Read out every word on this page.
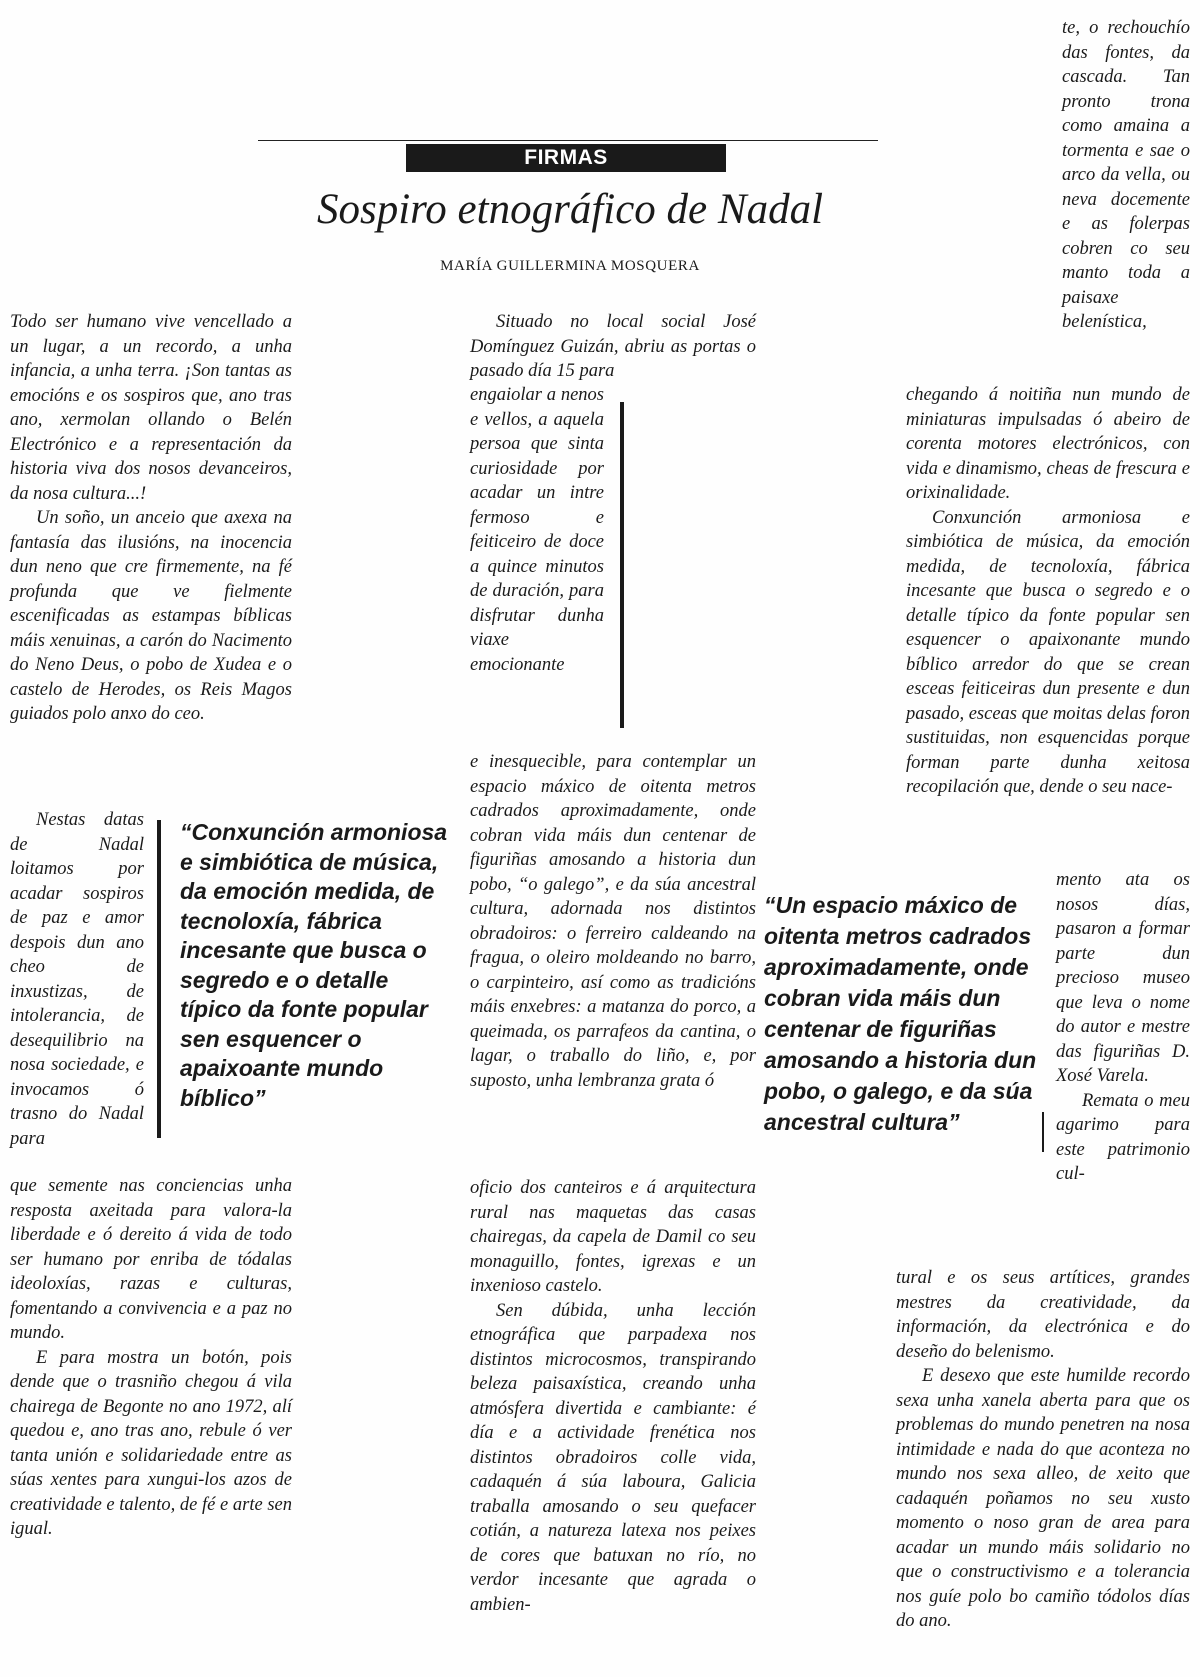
FIRMAS
Sospiro etnográfico de Nadal
MARÍA GUILLERMINA MOSQUERA

Todo ser humano vive vencellado a un lugar, a un recordo, a unha infancia, a unha terra. ¡Son tantas as emocións e os sospiros que, ano tras ano, xermolan ollando o Belén Electrónico e a representación da historia viva dos nosos devanceiros, da nosa cultura...!

Un soño, un anceio que axexa na fantasía das ilusións, na inocencia dun neno que cre firmemente, na fé profunda que ve fielmente escenificadas as estampas bíblicas máis xenuinas, a carón do Nacimento do Neno Deus, o pobo de Xudea e o castelo de Herodes, os Reis Magos guiados polo anxo do ceo.

Nestas datas de Nadal loitamos por acadar sospiros de paz e amor despois dun ano cheo de inxustizas, de intolerancia, de desequilibrio na nosa sociedade, e invocamos ó trasno do Nadal para

que semente nas conciencias unha resposta axeitada para valora-la liberdade e ó dereito á vida de todo ser humano por enriba de tódalas ideoloxías, razas e culturas, fomentando a convivencia e a paz no mundo.

E para mostra un botón, pois dende que o trasniño chegou á vila chairega de Begonte no ano 1972, alí quedou e, ano tras ano, rebule ó ver tanta unión e solidariedade entre as súas xentes para xungui-los azos de creatividade e talento, de fé e arte sen igual.

“Conxunción armoniosa e simbiótica de música, da emoción medida, de tecnoloxía, fábrica incesante que busca o segredo e o detalle típico da fonte popular sen esquencer o apaixoante mundo bíblico”

Situado no local social José Domínguez Guizán, abriu as portas o pasado día 15 para

engaiolar a nenos e vellos, a aquela persoa que sinta curiosidade por acadar un intre fermoso e feiticeiro de doce a quince minutos de duración, para disfrutar dunha viaxe emocionante

e inesquecible, para contemplar un espacio máxico de oitenta metros cadrados aproximadamente, onde cobran vida máis dun centenar de figuriñas amosando a historia dun pobo, “o galego”, e da súa ancestral cultura, adornada nos distintos obradoiros: o ferreiro caldeando na fragua, o oleiro moldeando no barro, o carpinteiro, así como as tradicións máis enxebres: a matanza do porco, a queimada, os parrafeos da cantina, o lagar, o traballo do liño, e, por suposto, unha lembranza grata ó

oficio dos canteiros e á arquitectura rural nas maquetas das casas chairegas, da capela de Damil co seu monaguillo, fontes, igrexas e un inxenioso castelo.

Sen dúbida, unha lección etnográfica que parpadexa nos distintos microcosmos, transpirando beleza paisaxística, creando unha atmósfera divertida e cambiante: é día e a actividade frenética nos distintos obradoiros colle vida, cadaquén á súa laboura, Galicia traballa amosando o seu quefacer cotián, a natureza latexa nos peixes de cores que batuxan no río, no verdor incesante que agrada o ambien-

“Un espacio máxico de oitenta metros cadrados aproximadamente, onde cobran vida máis dun centenar de figuriñas amosando a historia dun pobo, o galego, e da súa ancestral cultura”

te, o rechouchío das fontes, da cascada. Tan pronto trona como amaina a tormenta e sae o arco da vella, ou neva docemente e as folerpas cobren co seu manto toda a paisaxe belenística,

chegando á noitiña nun mundo de miniaturas impulsadas ó abeiro de corenta motores electrónicos, con vida e dinamismo, cheas de frescura e orixinalidade.

Conxunción armoniosa e simbiótica de música, da emoción medida, de tecnoloxía, fábrica incesante que busca o segredo e o detalle típico da fonte popular sen esquencer o apaixonante mundo bíblico arredor do que se crean esceas feiticeiras dun presente e dun pasado, esceas que moitas delas foron sustituidas, non esquencidas porque forman parte dunha xeitosa recopilación que, dende o seu nace-

mento ata os nosos días, pasaron a formar parte dun precioso museo que leva o nome do autor e mestre das figuriñas D. Xosé Varela.

Remata o meu agarimo para este patrimonio cul-

tural e os seus artítices, grandes mestres da creatividade, da información, da electrónica e do deseño do belenismo.

E desexo que este humilde recordo sexa unha xanela aberta para que os problemas do mundo penetren na nosa intimidade e nada do que aconteza no mundo nos sexa alleo, de xeito que cadaquén poñamos no seu xusto momento o noso gran de area para acadar un mundo máis solidario no que o constructivismo e a tolerancia nos guíe polo bo camiño tódolos días do ano.
